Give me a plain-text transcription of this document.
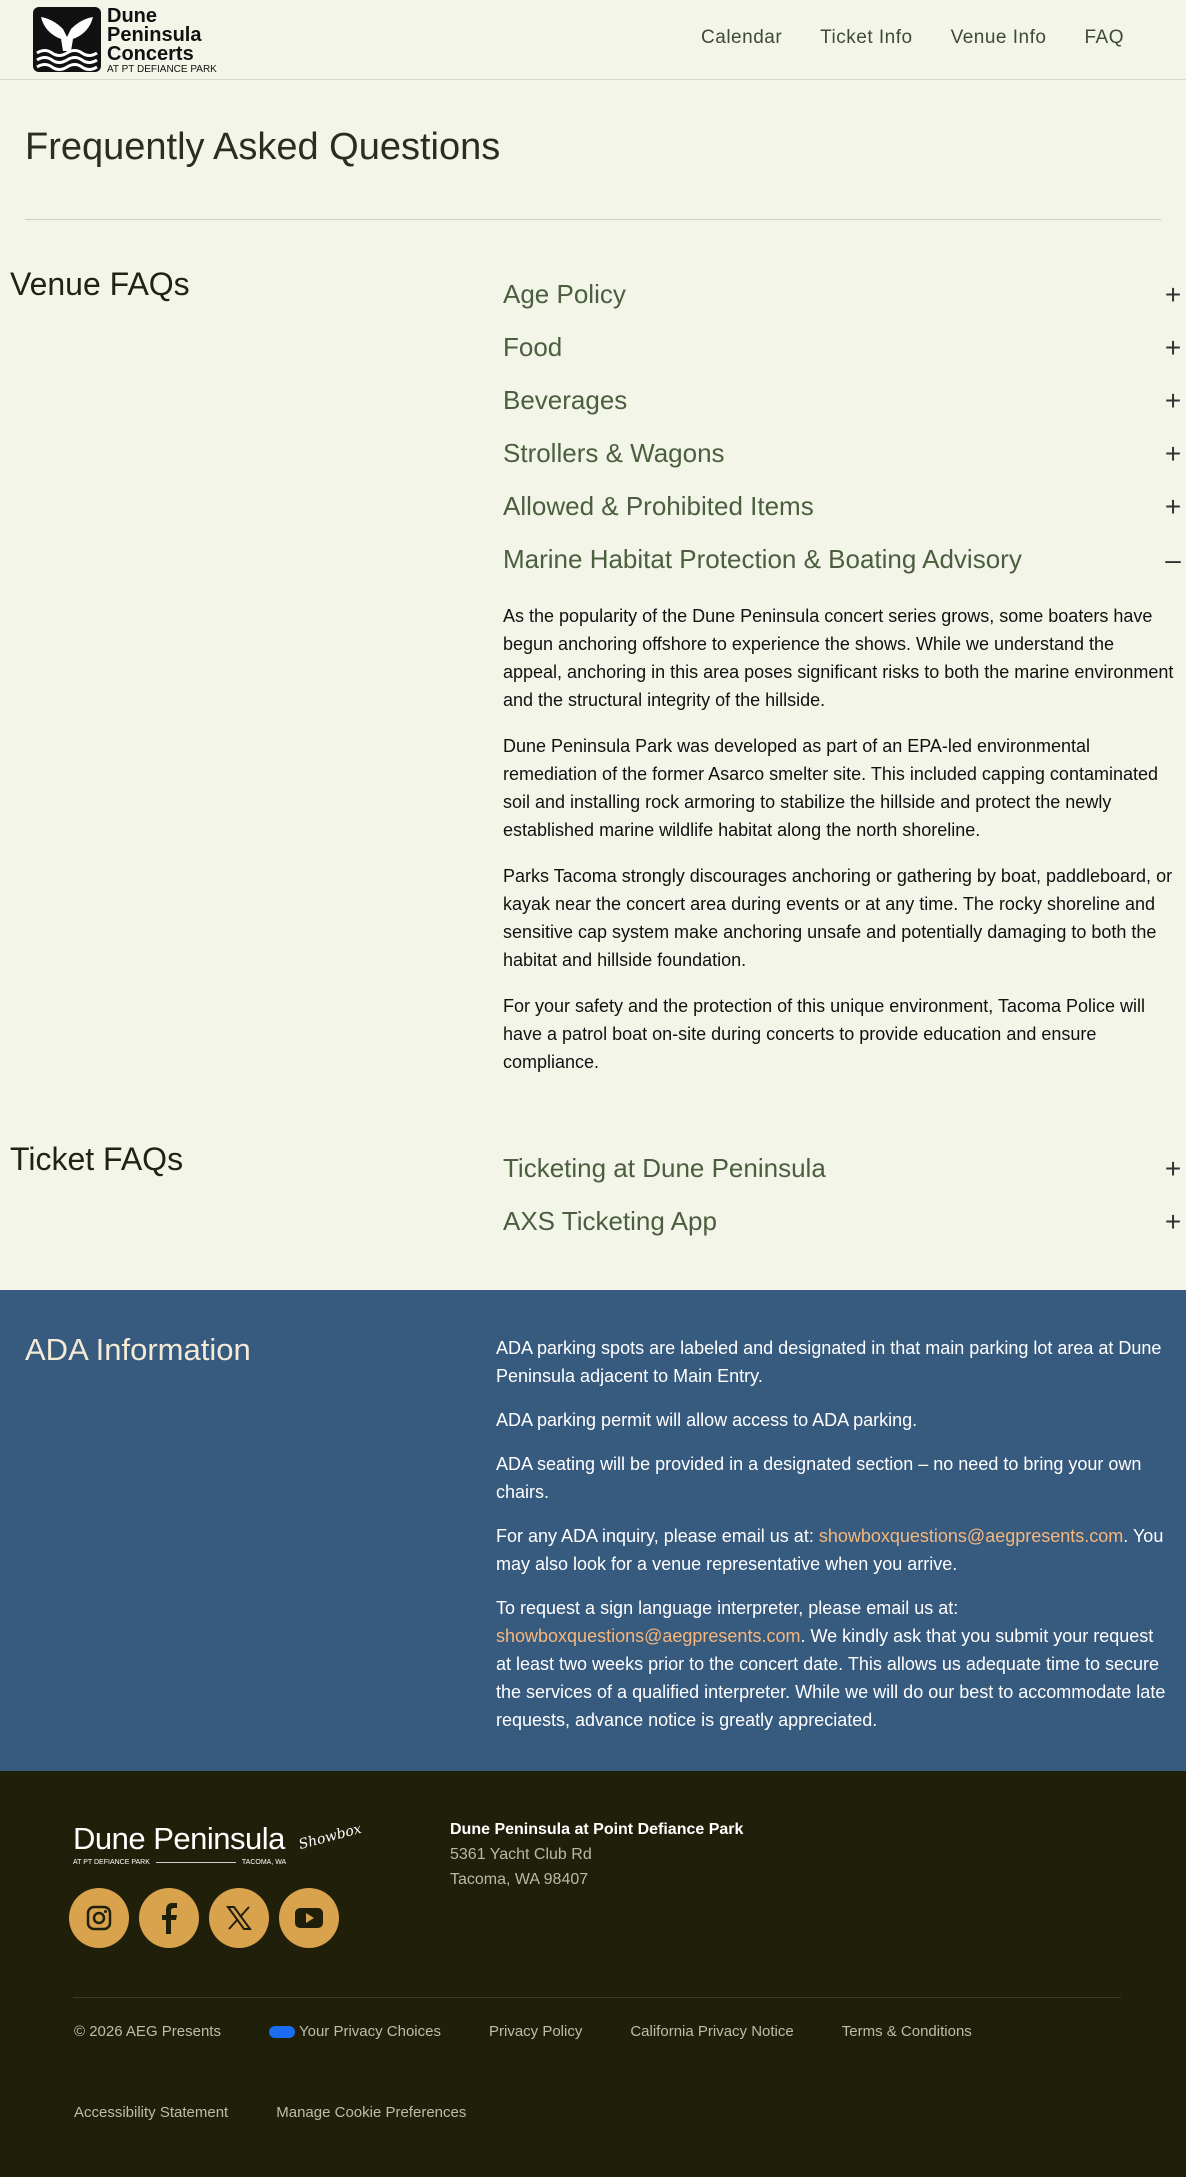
Dune
Peninsula
Concerts
AT PT DEFIANCE PARK
Calendar Ticket Info Venue Info FAQ
Frequently Asked Questions
Venue FAQs	Age Policy	+
Food	+
Beverages	+
Strollers & Wagons	+
Allowed & Prohibited Items	+
Marine Habitat Protection & Boating Advisory	–

As the popularity of the Dune Peninsula concert series grows, some boaters have begun anchoring offshore to experience the shows. While we understand the appeal, anchoring in this area poses significant risks to both the marine environment and the structural integrity of the hillside.

Dune Peninsula Park was developed as part of an EPA-led environmental remediation of the former Asarco smelter site. This included capping contaminated soil and installing rock armoring to stabilize the hillside and protect the newly established marine wildlife habitat along the north shoreline.

Parks Tacoma strongly discourages anchoring or gathering by boat, paddleboard, or kayak near the concert area during events or at any time. The rocky shoreline and sensitive cap system make anchoring unsafe and potentially damaging to both the habitat and hillside foundation.

For your safety and the protection of this unique environment, Tacoma Police will have a patrol boat on-site during concerts to provide education and ensure compliance.

Ticket FAQs	Ticketing at Dune Peninsula	+
AXS Ticketing App	+
ADA Information	ADA parking spots are labeled and designated in that main parking lot area at Dune Peninsula adjacent to Main Entry.

ADA parking permit will allow access to ADA parking.

ADA seating will be provided in a designated section – no need to bring your own chairs.

For any ADA inquiry, please email us at: showboxquestions@aegpresents.com. You may also look for a venue representative when you arrive.

To request a sign language interpreter, please email us at: showboxquestions@aegpresents.com. We kindly ask that you submit your request at least two weeks prior to the concert date. This allows us adequate time to secure the services of a qualified interpreter. While we will do our best to accommodate late requests, advance notice is greatly appreciated.

Dune Peninsula
AT PT DEFIANCE PARK	TACOMA, WA
Showbox	Dune Peninsula at Point Defiance Park
5361 Yacht Club Rd
Tacoma, WA 98407
© 2026 AEG Presents	Your Privacy Choices	Privacy Policy	California Privacy Notice	Terms & Conditions
Accessibility Statement	Manage Cookie Preferences
